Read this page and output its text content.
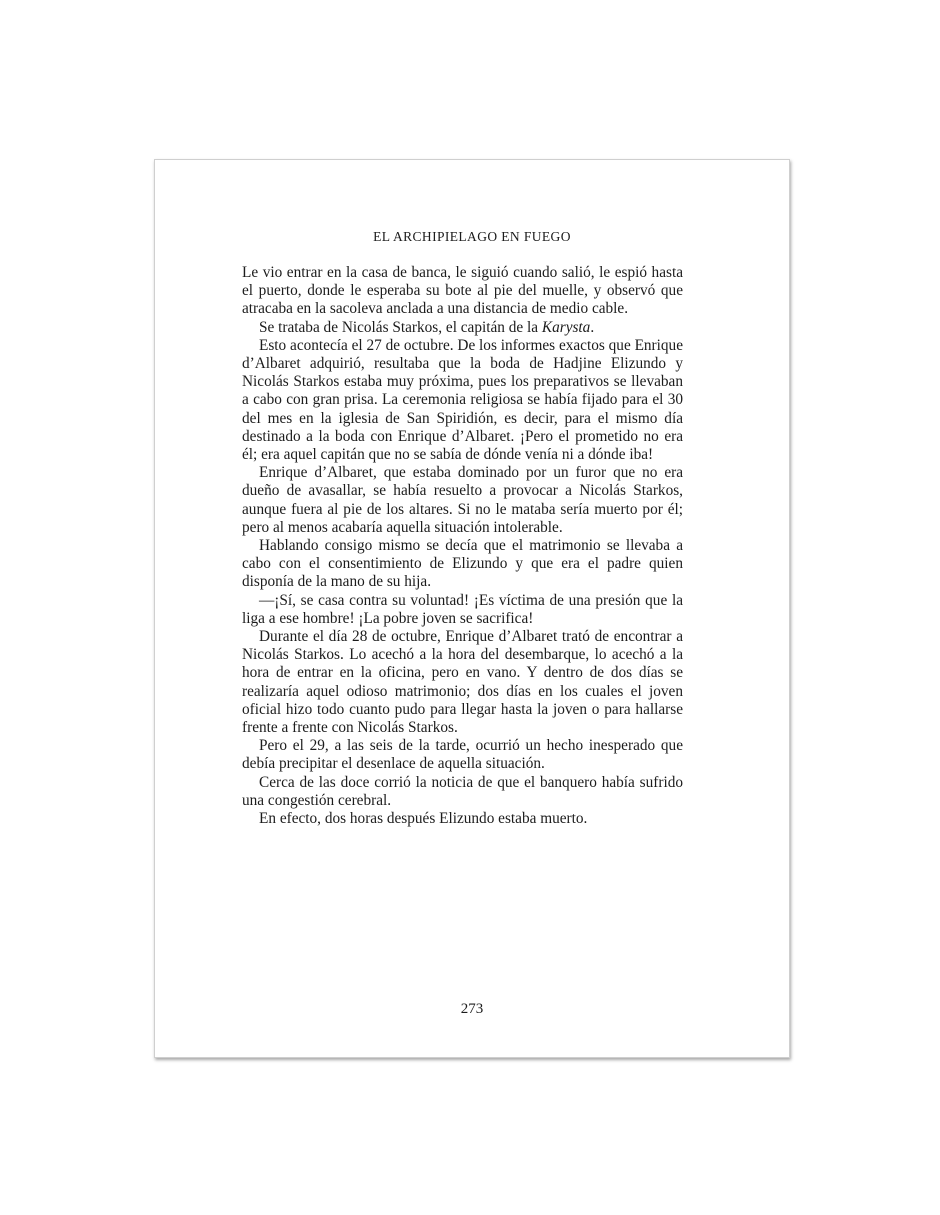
EL ARCHIPIELAGO EN FUEGO

Le vio entrar en la casa de banca, le siguió cuando salió, le espió hasta el puerto, donde le esperaba su bote al pie del muelle, y observó que atracaba en la sacoleva anclada a una distancia de medio cable.

Se trataba de Nicolás Starkos, el capitán de la Karysta.

Esto acontecía el 27 de octubre. De los informes exactos que Enrique d’Albaret adquirió, resultaba que la boda de Hadjine Elizundo y Nicolás Starkos estaba muy próxima, pues los preparativos se llevaban a cabo con gran prisa. La ceremonia religiosa se había fijado para el 30 del mes en la iglesia de San Spiridión, es decir, para el mismo día destinado a la boda con Enrique d’Albaret. ¡Pero el prometido no era él; era aquel capitán que no se sabía de dónde venía ni a dónde iba!

Enrique d’Albaret, que estaba dominado por un furor que no era dueño de avasallar, se había resuelto a provocar a Nicolás Starkos, aunque fuera al pie de los altares. Si no le mataba sería muerto por él; pero al menos acabaría aquella situación intolerable.

Hablando consigo mismo se decía que el matrimonio se llevaba a cabo con el consentimiento de Elizundo y que era el padre quien disponía de la mano de su hija.

—¡Sí, se casa contra su voluntad! ¡Es víctima de una presión que la liga a ese hombre! ¡La pobre joven se sacrifica!

Durante el día 28 de octubre, Enrique d’Albaret trató de encontrar a Nicolás Starkos. Lo acechó a la hora del desembarque, lo acechó a la hora de entrar en la oficina, pero en vano. Y dentro de dos días se realizaría aquel odioso matrimonio; dos días en los cuales el joven oficial hizo todo cuanto pudo para llegar hasta la joven o para hallarse frente a frente con Nicolás Starkos.

Pero el 29, a las seis de la tarde, ocurrió un hecho inesperado que debía precipitar el desenlace de aquella situación.

Cerca de las doce corrió la noticia de que el banquero había sufrido una congestión cerebral.

En efecto, dos horas después Elizundo estaba muerto.

273
